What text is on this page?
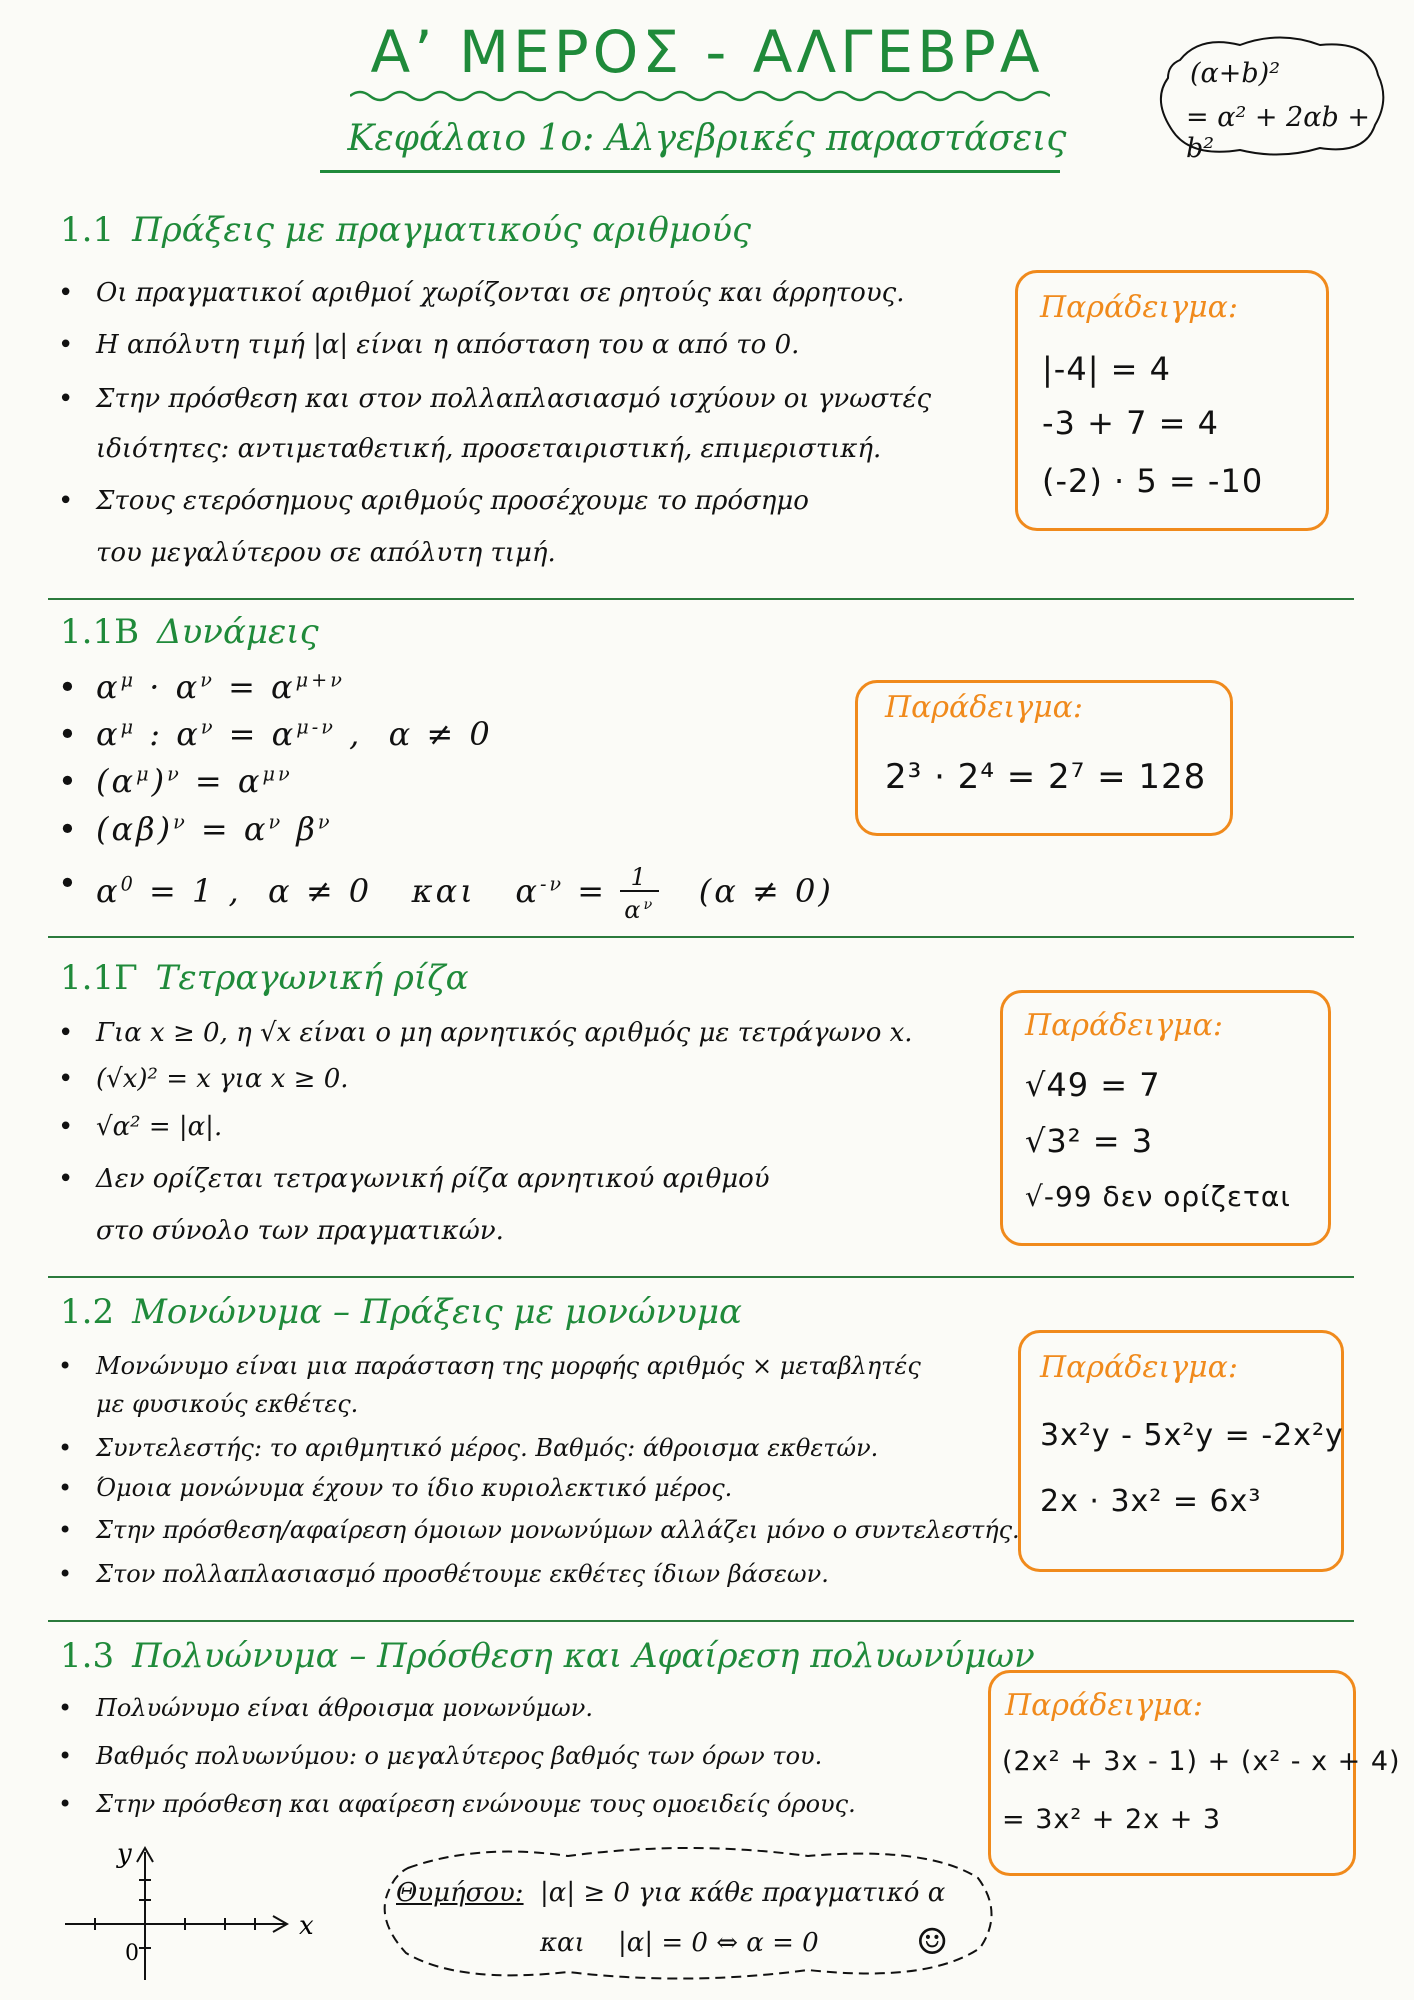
Α’ ΜΕΡΟΣ - ΑΛΓΕΒΡΑ
Κεφάλαιο 1ο: Αλγεβρικές παραστάσεις
(α+b)²
= α² + 2αb + b²
1.1 Πράξεις με πραγματικούς αριθμούς
• Οι πραγματικοί αριθμοί χωρίζονται σε ρητούς και άρρητους.
• Η απόλυτη τιμή |α| είναι η απόσταση του α από το 0.
• Στην πρόσθεση και στον πολλαπλασιασμό ισχύουν οι γνωστές
ιδιότητες: αντιμεταθετική, προσεταιριστική, επιμεριστική.
• Στους ετερόσημους αριθμούς προσέχουμε το πρόσημο
του μεγαλύτερου σε απόλυτη τιμή.
Παράδειγμα:
|-4| = 4
-3 + 7 = 4
(-2) · 5 = -10
1.1Β Δυνάμεις
• $\alpha^\mu \cdot \alpha^\nu = \alpha^{\mu+\nu}$
• $\alpha^\mu$ : $\alpha^\nu = \alpha^{\mu-\nu}$ ,  α ≠ 0
• $(\alpha^\mu)^\nu = \alpha^{\mu\nu}$
• $(\alpha\beta)^\nu = \alpha^\nu$ $\beta^\nu$
• $\alpha^0 = 1$ ,  α ≠ 0   και   $\alpha^{-\nu} = \frac{1}{\alpha^\nu} (\alpha \ne 0)$
Παράδειγμα:
2³ · 2⁴ = 2⁷ = 128
1.1Γ Τετραγωνική ρίζα
• Για x ≥ 0, η √x είναι ο μη αρνητικός αριθμός με τετράγωνο x.
• (√x)² = x για x ≥ 0.
• √α² = |α|.
• Δεν ορίζεται τετραγωνική ρίζα αρνητικού αριθμού
στο σύνολο των πραγματικών.
Παράδειγμα:
√49 = 7
√3² = 3
√-99 δεν ορίζεται
1.2 Μονώνυμα – Πράξεις με μονώνυμα
• Μονώνυμο είναι μια παράσταση της μορφής αριθμός × μεταβλητές
με φυσικούς εκθέτες.
• Συντελεστής: το αριθμητικό μέρος. Βαθμός: άθροισμα εκθετών.
• Όμοια μονώνυμα έχουν το ίδιο κυριολεκτικό μέρος.
• Στην πρόσθεση/αφαίρεση όμοιων μονωνύμων αλλάζει μόνο ο συντελεστής.
• Στον πολλαπλασιασμό προσθέτουμε εκθέτες ίδιων βάσεων.
Παράδειγμα:
3x²y - 5x²y = -2x²y
2x · 3x² = 6x³
1.3 Πολυώνυμα – Πρόσθεση και Αφαίρεση πολυωνύμων
• Πολυώνυμο είναι άθροισμα μονωνύμων.
• Βαθμός πολυωνύμου: ο μεγαλύτερος βαθμός των όρων του.
• Στην πρόσθεση και αφαίρεση ενώνουμε τους ομοειδείς όρους.
Παράδειγμα:
(2x² + 3x - 1) + (x² - x + 4)
= 3x² + 2x + 3
y
x
0
Θυμήσου: |α| ≥ 0 για κάθε πραγματικό α
και |α| = 0 ⇔ α = 0	☺
